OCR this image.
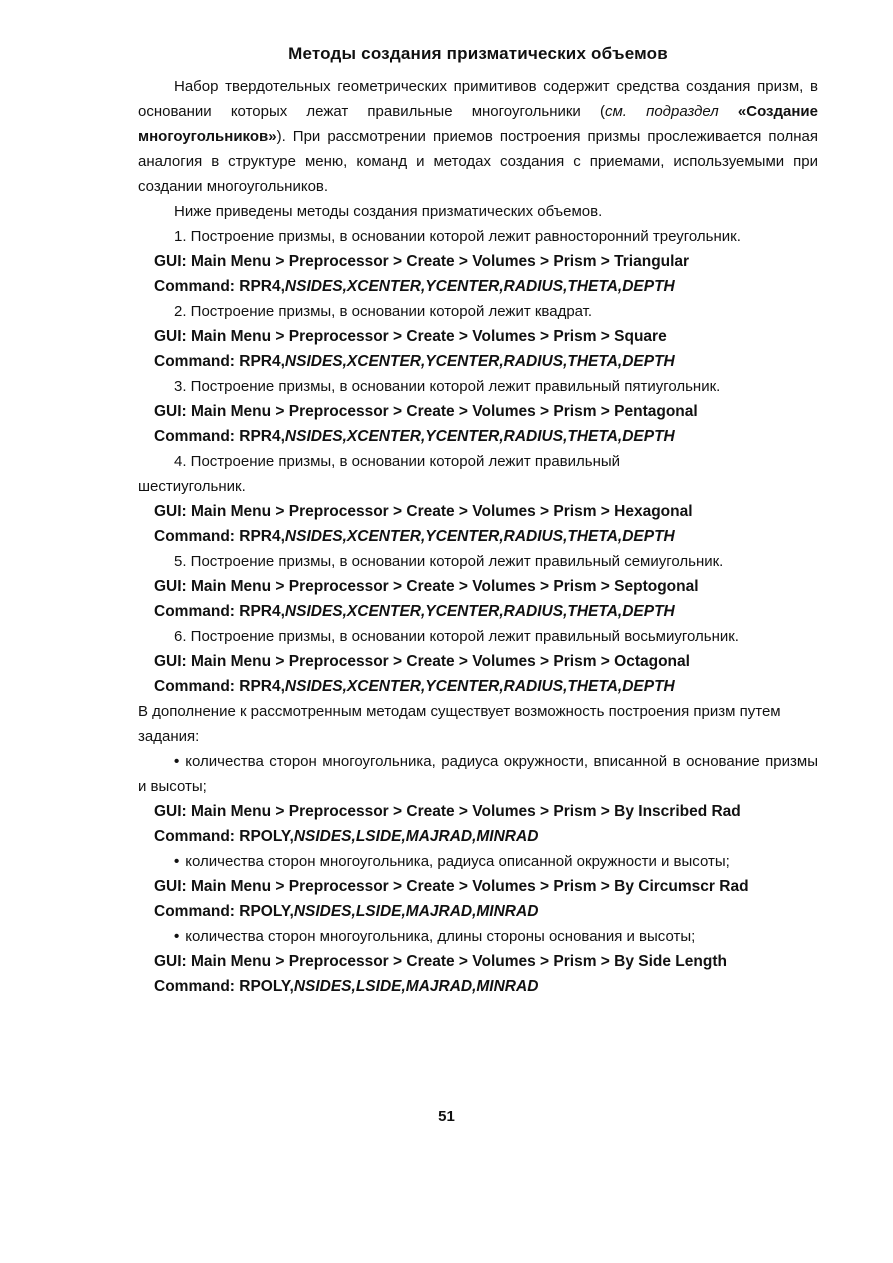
Методы создания призматических объемов

Набор твердотельных геометрических примитивов содержит средства создания призм, в основании которых лежат правильные многоугольники (см. подраздел «Создание многоугольников»). При рассмотрении приемов построения призмы прослеживается полная аналогия в структуре меню, команд и методах создания с приемами, используемыми при создании многоугольников.

Ниже приведены методы создания призматических объемов.

1. Построение призмы, в основании которой лежит равносторонний треугольник.

GUI: Main Menu > Preprocessor > Create > Volumes > Prism > Triangular
Command: RPR4,NSIDES,XCENTER,YCENTER,RADIUS,THETA,DEPTH

2. Построение призмы, в основании которой лежит квадрат.

GUI: Main Menu > Preprocessor > Create > Volumes > Prism > Square
Command: RPR4,NSIDES,XCENTER,YCENTER,RADIUS,THETA,DEPTH

3. Построение призмы, в основании которой лежит правильный пятиугольник.

GUI: Main Menu > Preprocessor > Create > Volumes > Prism > Pentagonal
Command: RPR4,NSIDES,XCENTER,YCENTER,RADIUS,THETA,DEPTH

4. Построение призмы, в основании которой лежит правильный шестиугольник.

GUI: Main Menu > Preprocessor > Create > Volumes > Prism > Hexagonal
Command: RPR4,NSIDES,XCENTER,YCENTER,RADIUS,THETA,DEPTH

5. Построение призмы, в основании которой лежит правильный семиугольник.

GUI: Main Menu > Preprocessor > Create > Volumes > Prism > Septogonal
Command: RPR4,NSIDES,XCENTER,YCENTER,RADIUS,THETA,DEPTH

6. Построение призмы, в основании которой лежит правильный восьмиугольник.

GUI: Main Menu > Preprocessor > Create > Volumes > Prism > Octagonal
Command: RPR4,NSIDES,XCENTER,YCENTER,RADIUS,THETA,DEPTH

В дополнение к рассмотренным методам существует возможность построения призм путем задания:

• количества сторон многоугольника, радиуса окружности, вписанной в основание призмы и высоты;

GUI: Main Menu > Preprocessor > Create > Volumes > Prism > By Inscribed Rad
Command: RPOLY,NSIDES,LSIDE,MAJRAD,MINRAD

• количества сторон многоугольника, радиуса описанной окружности и высоты;

GUI: Main Menu > Preprocessor > Create > Volumes > Prism > By Circumscr Rad
Command: RPOLY,NSIDES,LSIDE,MAJRAD,MINRAD

• количества сторон многоугольника, длины стороны основания и высоты;

GUI: Main Menu > Preprocessor > Create > Volumes > Prism > By Side Length
Command: RPOLY,NSIDES,LSIDE,MAJRAD,MINRAD
51
